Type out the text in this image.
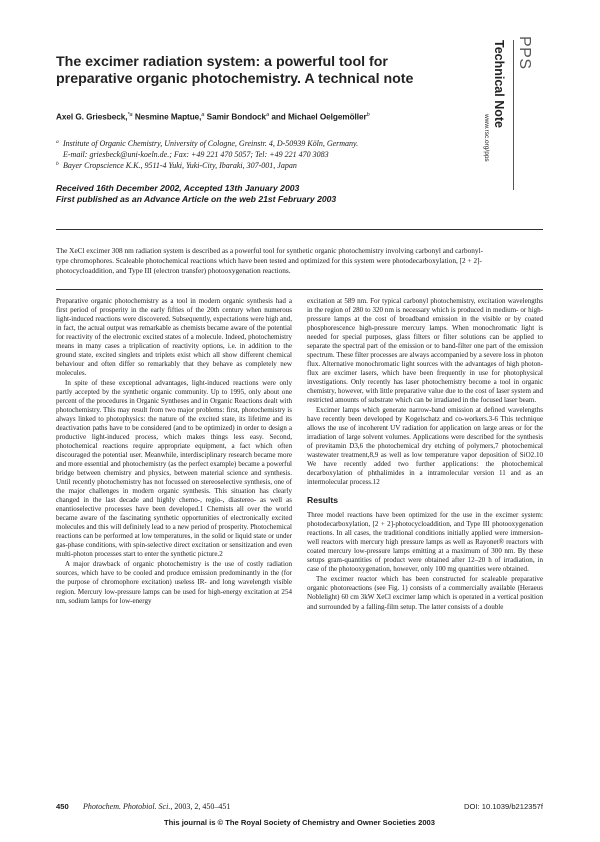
The excimer radiation system: a powerful tool for preparative organic photochemistry. A technical note
Axel G. Griesbeck,$^{*a}$ Nesmine Maptue,$^a$ Samir Bondock$^a$ and Michael Oelgemöller$^b$
a Institute of Organic Chemistry, University of Cologne, Greinstr. 4, D-50939 Köln, Germany.
E-mail: griesbeck@uni-koeln.de.; Fax: +49 221 470 5057; Tel: +49 221 470 3083
b Bayer Cropscience K.K., 9511-4 Yuki, Yuki-City, Ibaraki, 307-001, Japan
Received 16th December 2002, Accepted 13th January 2003
First published as an Advance Article on the web 21st February 2003
PPS
Technical Note
www.rsc.org/pps
The XeCl excimer 308 nm radiation system is described as a powerful tool for synthetic organic photochemistry involving carbonyl and carbonyl-type chromophores. Scaleable photochemical reactions which have been tested and optimized for this system were photodecarboxylation, [2 + 2]-photocycloaddition, and Type III (electron transfer) photooxygenation reactions.

Preparative organic photochemistry as a tool in modern organic synthesis had a first period of prosperity in the early fifties of the 20th century when numerous light-induced reactions were discovered. Subsequently, expectations were high and, in fact, the actual output was remarkable as chemists became aware of the potential for reactivity of the electronic excited states of a molecule. Indeed, photochemistry means in many cases a triplication of reactivity options, i.e. in addition to the ground state, excited singlets and triplets exist which all show different chemical behaviour and often differ so remarkably that they behave as completely new molecules.

In spite of these exceptional advantages, light-induced reactions were only partly accepted by the synthetic organic community. Up to 1995, only about one percent of the procedures in Organic Syntheses and in Organic Reactions dealt with photochemistry. This may result from two major problems: first, photochemistry is always linked to photophysics: the nature of the excited state, its lifetime and its deactivation paths have to be considered (and to be optimized) in order to design a productive light-induced process, which makes things less easy. Second, photochemical reactions require appropriate equipment, a fact which often discouraged the potential user. Meanwhile, interdisciplinary research became more and more essential and photochemistry (as the perfect example) became a powerful bridge between chemistry and physics, between material science and synthesis. Until recently photochemistry has not focussed on stereoselective synthesis, one of the major challenges in modern organic synthesis. This situation has clearly changed in the last decade and highly chemo-, regio-, diastereo- as well as enantioselective processes have been developed.1 Chemists all over the world became aware of the fascinating synthetic opportunities of electronically excited molecules and this will definitely lead to a new period of prosperity. Photochemical reactions can be performed at low temperatures, in the solid or liquid state or under gas-phase conditions, with spin-selective direct excitation or sensitization and even multi-photon processes start to enter the synthetic picture.2

A major drawback of organic photochemistry is the use of costly radiation sources, which have to be cooled and produce emission predominantly in the (for the purpose of chromophore excitation) useless IR- and long wavelength visible region. Mercury low-pressure lamps can be used for high-energy excitation at 254 nm, sodium lamps for low-energy

excitation at 589 nm. For typical carbonyl photochemistry, excitation wavelengths in the region of 280 to 320 nm is necessary which is produced in medium- or high-pressure lamps at the cost of broadband emission in the visible or by coated phosphorescence high-pressure mercury lamps. When monochromatic light is needed for special purposes, glass filters or filter solutions can be applied to separate the spectral part of the emission or to band-filter one part of the emission spectrum. These filter processes are always accompanied by a severe loss in photon flux. Alternative monochromatic light sources with the advantages of high photon-flux are excimer lasers, which have been frequently in use for photophysical investigations. Only recently has laser photochemistry become a tool in organic chemistry, however, with little preparative value due to the cost of laser system and restricted amounts of substrate which can be irradiated in the focused laser beam.

Excimer lamps which generate narrow-band emission at defined wavelengths have recently been developed by Kogelschatz and co-workers.3-6 This technique allows the use of incoherent UV radiation for application on large areas or for the irradiation of large solvent volumes. Applications were described for the synthesis of previtamin D3,6 the photochemical dry etching of polymers,7 photochemical wastewater treatment,8,9 as well as low temperature vapor deposition of SiO2.10 We have recently added two further applications: the photochemical decarboxylation of phthalimides in a intramolecular version 11 and as an intermolecular process.12

Results

Three model reactions have been optimized for the use in the excimer system: photodecarboxylation, [2 + 2]-photocycloaddition, and Type III photooxygenation reactions. In all cases, the traditional conditions initially applied were immersion-well reactors with mercury high pressure lamps as well as Rayonet® reactors with coated mercury low-pressure lamps emitting at a maximum of 300 nm. By these setups gram-quantities of product were obtained after 12–20 h of irradiation, in case of the photooxygenation, however, only 100 mg quantities were obtained.

The excimer reactor which has been constructed for scaleable preparative organic photoreactions (see Fig. 1) consists of a commercially available (Heraeus Noblelight) 60 cm 3kW XeCl excimer lamp which is operated in a vertical position and surrounded by a falling-film setup. The latter consists of a double

450 Photochem. Photobiol. Sci., 2003, 2, 450–451	DOI: 10.1039/b212357f
This journal is © The Royal Society of Chemistry and Owner Societies 2003
